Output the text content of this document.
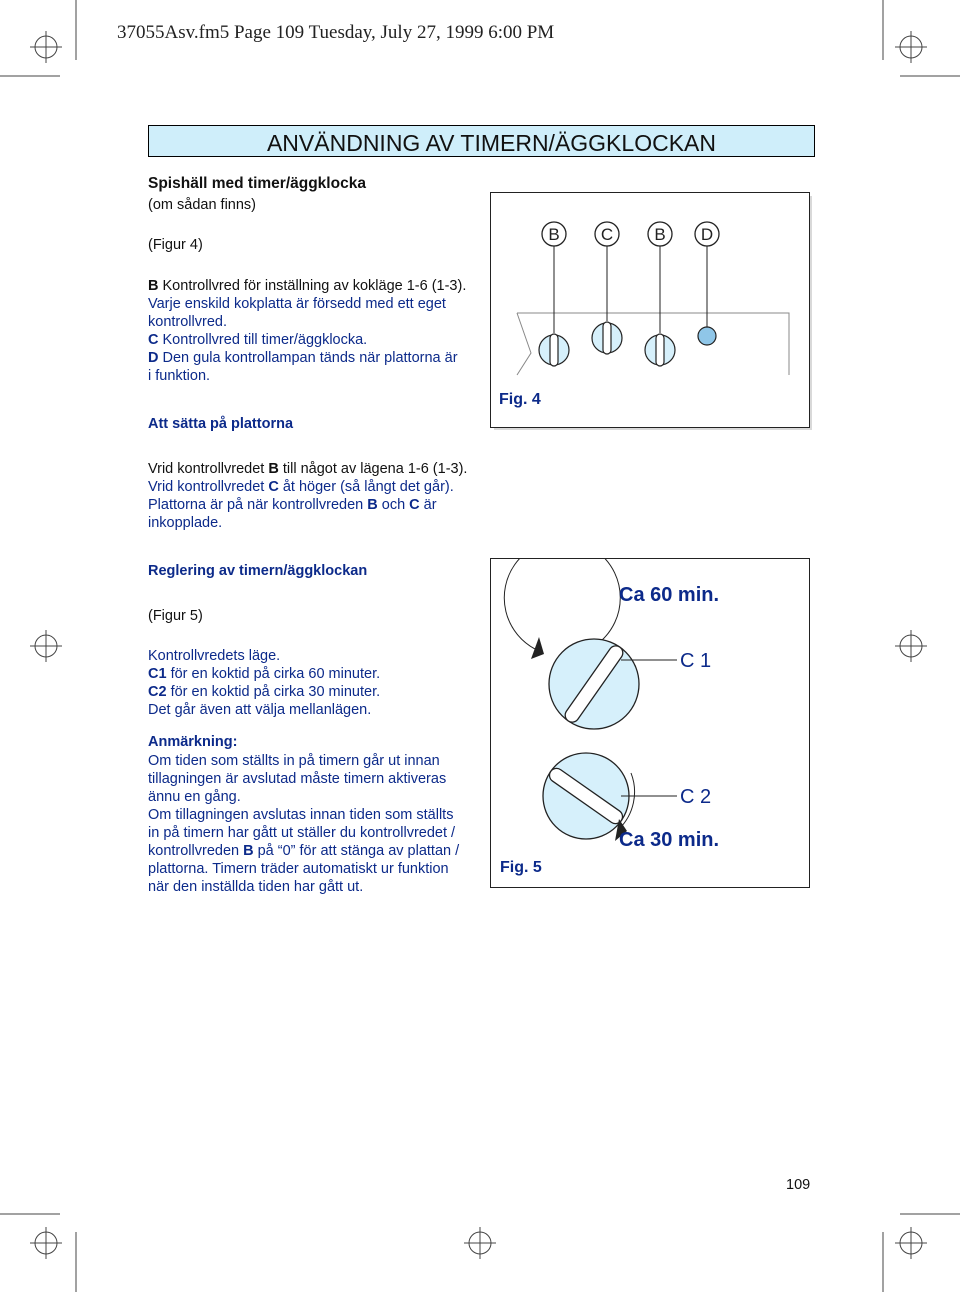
37055Asv.fm5 Page 109 Tuesday, July 27, 1999 6:00 PM
ANVÄNDNING AV TIMERN/ÄGGKLOCKAN
Spishäll med timer/äggklocka
(om sådan finns)
(Figur 4)
B Kontrollvred för inställning av kokläge 1-6 (1-3).
Varje enskild kokplatta är försedd med ett eget
kontrollvred.
C Kontrollvred till timer/äggklocka.
D Den gula kontrollampan tänds när plattorna är
i funktion.
Att sätta på plattorna
Vrid kontrollvredet B till något av lägena 1-6 (1-3).
Vrid kontrollvredet C åt höger (så långt det går).
Plattorna är på när kontrollvreden B och C är
inkopplade.
Reglering av timern/äggklockan
(Figur 5)
Kontrollvredets läge.
C1 för en koktid på cirka 60 minuter.
C2 för en koktid på cirka 30 minuter.
Det går även att välja mellanlägen.
Anmärkning:
Om tiden som ställts in på timern går ut innan
tillagningen är avslutad måste timern aktiveras
ännu en gång.
Om tillagningen avslutas innan tiden som ställts
in på timern har gått ut ställer du kontrollvredet /
kontrollvreden B på “0” för att stänga av plattan /
plattorna. Timern träder automatiskt ur funktion
när den inställda tiden har gått ut.
B C B D
Fig. 4
Ca 60 min.
C 1
C 2
Ca 30 min.
Fig. 5
109
